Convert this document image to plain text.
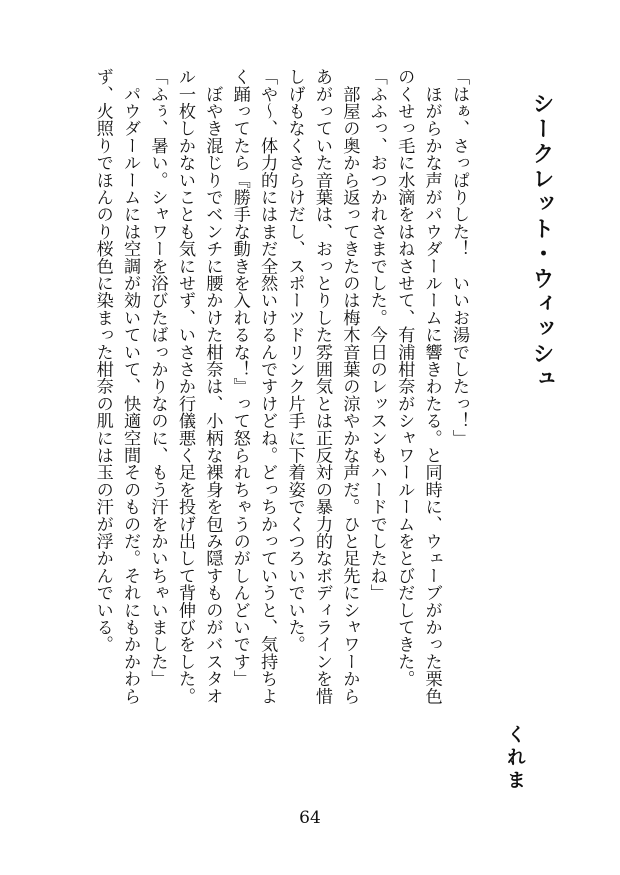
シークレット・ウィッシュ
くれま
「はぁ、さっぱりした！　いいお湯でしたっ！」
　ほがらかな声がパウダールームに響きわたる。と同時に、ウェーブがかった栗色
のくせっ毛に水滴をはねさせて、有浦柑奈がシャワールームをとびだしてきた。
「ふふっ、おつかれさまでした。今日のレッスンもハードでしたね」
　部屋の奥から返ってきたのは梅木音葉の涼やかな声だ。ひと足先にシャワーから
あがっていた音葉は、おっとりした雰囲気とは正反対の暴力的なボディラインを惜
しげもなくさらけだし、スポーツドリンク片手に下着姿でくつろいでいた。
「や〜、体力的にはまだ全然いけるんですけどね。どっちかっていうと、気持ちよ
く踊ってたら『勝手な動きを入れるな！』って怒られちゃうのがしんどいです」
　ぼやき混じりでベンチに腰かけた柑奈は、小柄な裸身を包み隠すものがバスタオ
ル一枚しかないことも気にせず、いささか行儀悪く足を投げ出して背伸びをした。
「ふぅ、暑い。シャワーを浴びたばっかりなのに、もう汗をかいちゃいました」
　パウダールームには空調が効いていて、快適空間そのものだ。それにもかかわら
ず、火照りでほんのり桜色に染まった柑奈の肌には玉の汗が浮かんでいる。
64
